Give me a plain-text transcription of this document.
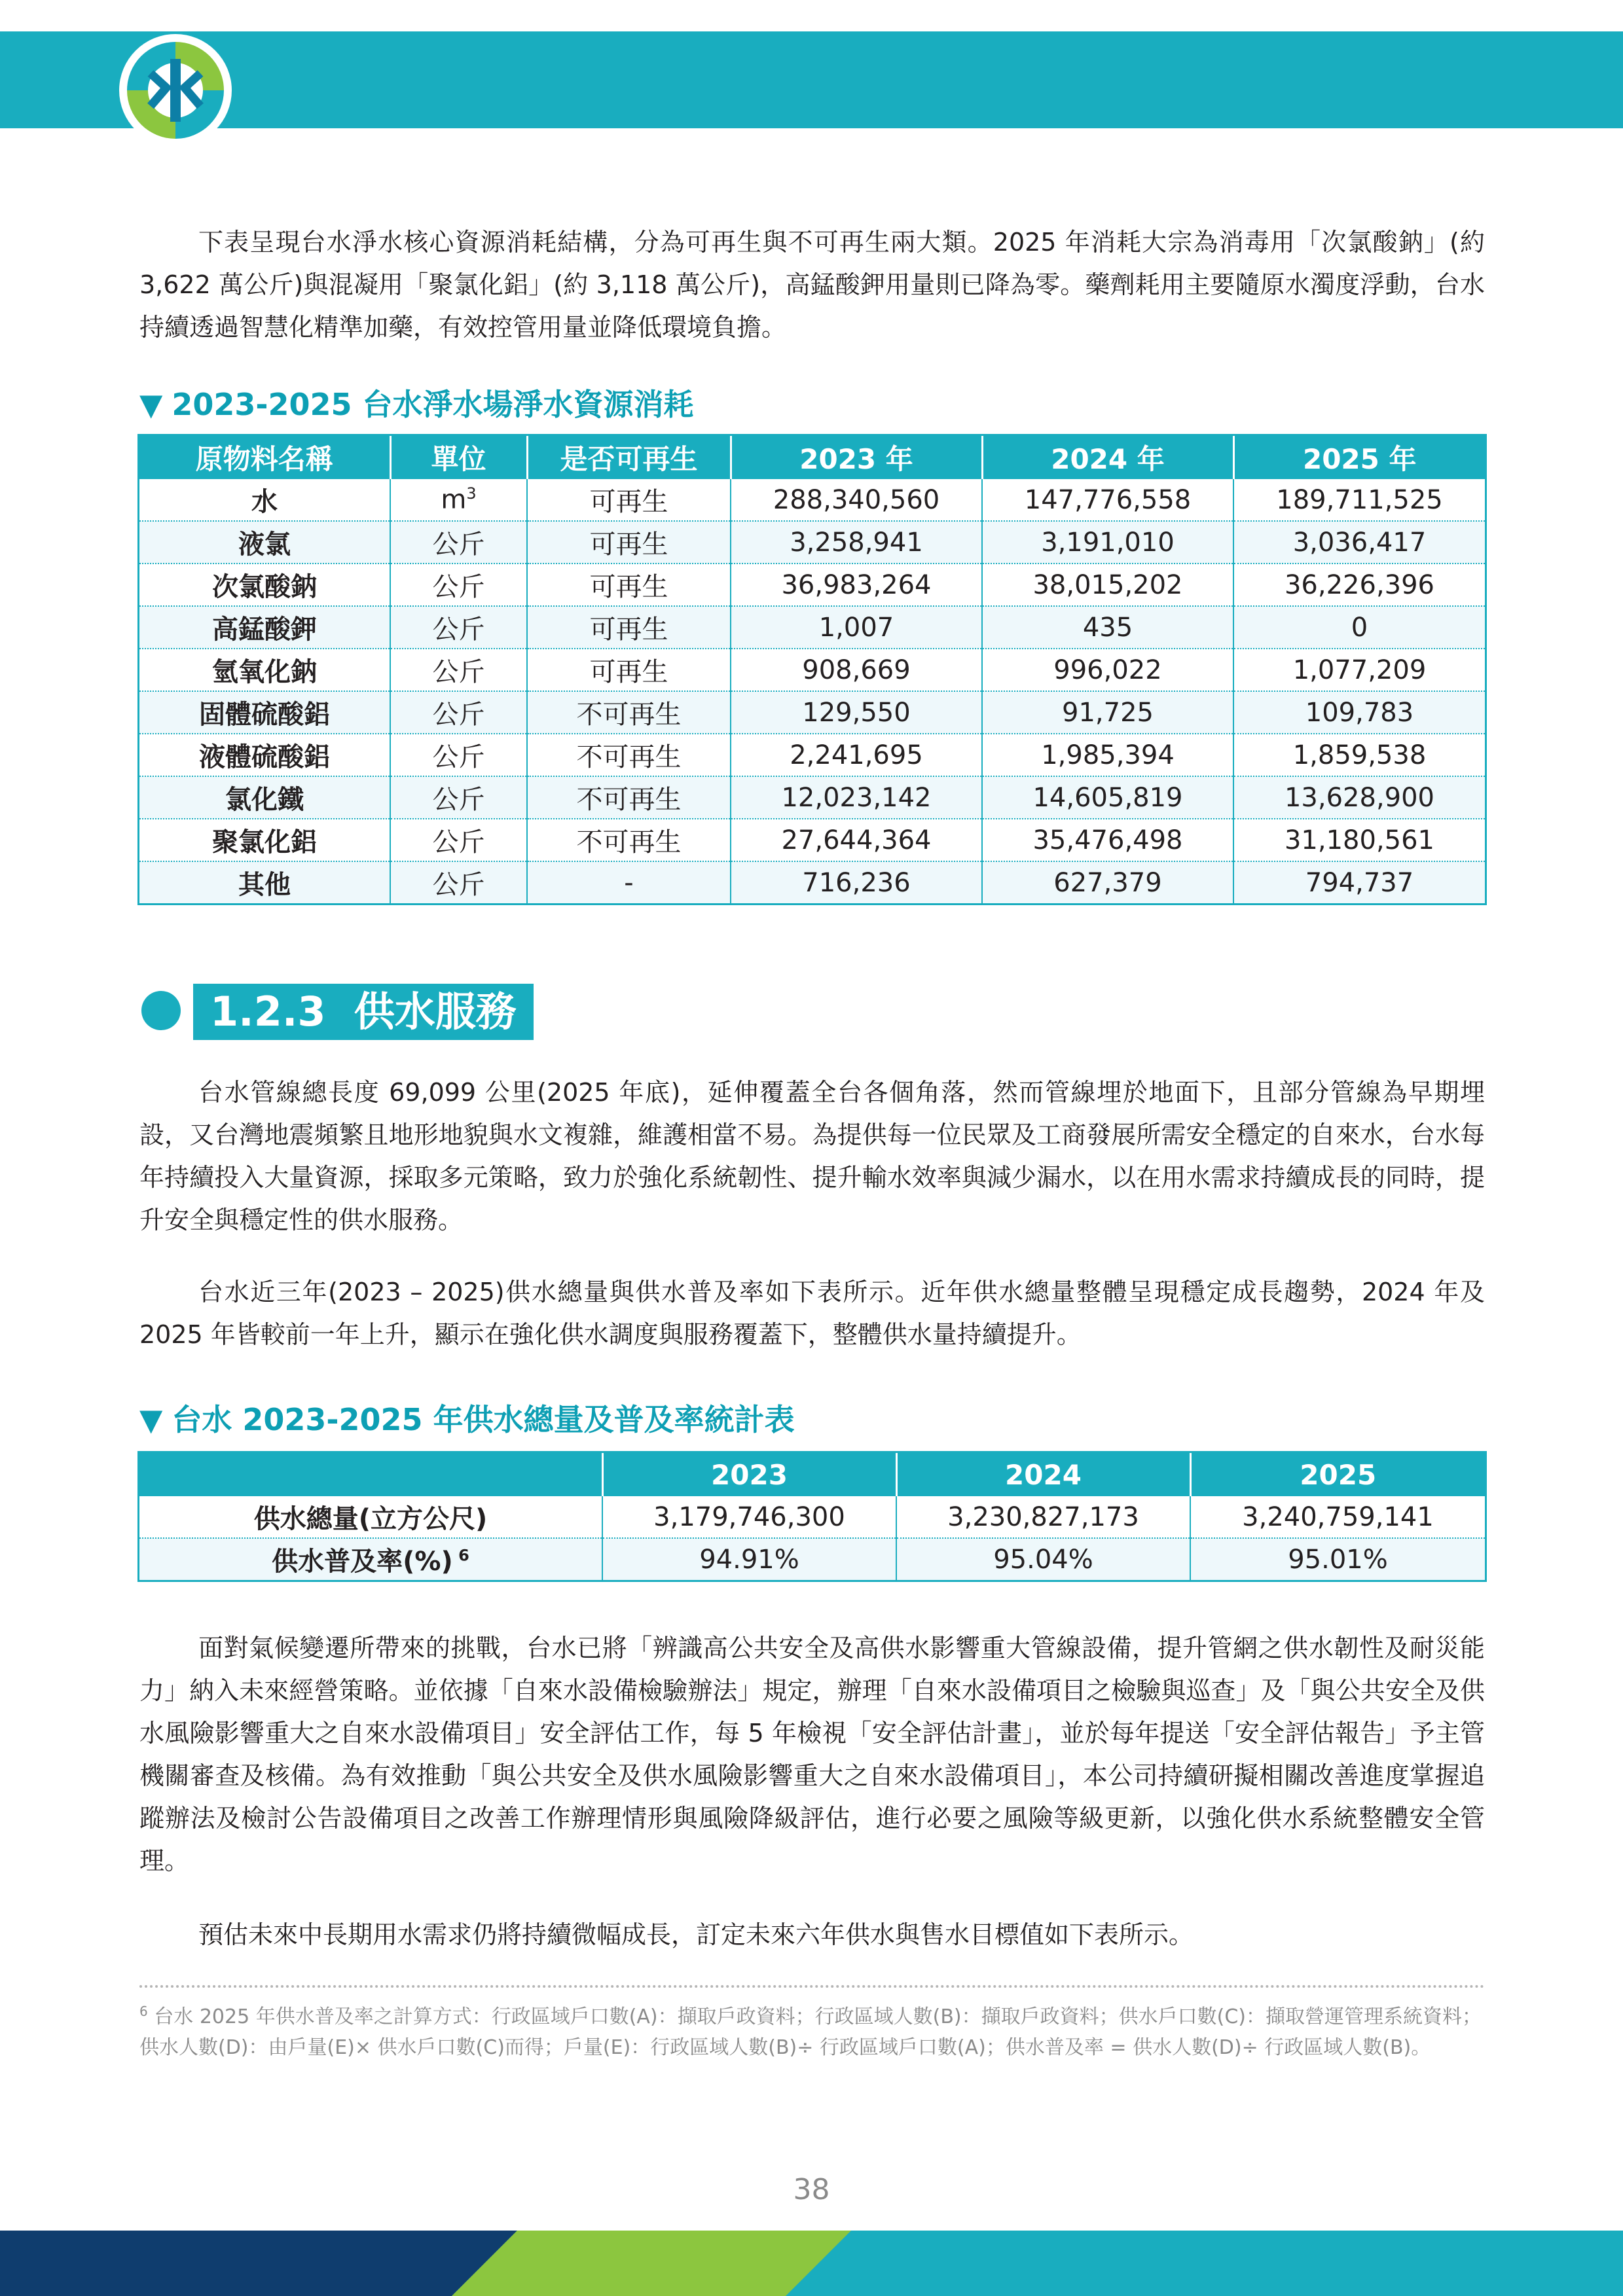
下表呈現台水淨水核心資源消耗結構，分為可再生與不可再生兩大類。2025 年消耗大宗為消毒用「次氯酸鈉」(約 3,622 萬公斤)與混凝用「聚氯化鋁」(約 3,118 萬公斤)，高錳酸鉀用量則已降為零。藥劑耗用主要隨原水濁度浮動，台水持續透過智慧化精準加藥，有效控管用量並降低環境負擔。

▼ 2023-2025 台水淨水場淨水資源消耗
原物料名稱	單位	是否可再生	2023 年	2024 年	2025 年
水	$m^3$	可再生	288,340,560	147,776,558	189,711,525
液氯	公斤	可再生	3,258,941	3,191,010	3,036,417
次氯酸鈉	公斤	可再生	36,983,264	38,015,202	36,226,396
高錳酸鉀	公斤	可再生	1,007	435	0
氫氧化鈉	公斤	可再生	908,669	996,022	1,077,209
固體硫酸鋁	公斤	不可再生	129,550	91,725	109,783
液體硫酸鋁	公斤	不可再生	2,241,695	1,985,394	1,859,538
氯化鐵	公斤	不可再生	12,023,142	14,605,819	13,628,900
聚氯化鋁	公斤	不可再生	27,644,364	35,476,498	31,180,561
其他	公斤	-	716,236	627,379	794,737
1.2.3 供水服務

台水管線總長度 69,099 公里(2025 年底)，延伸覆蓋全台各個角落，然而管線埋於地面下，且部分管線為早期埋設，又台灣地震頻繁且地形地貌與水文複雜，維護相當不易。為提供每一位民眾及工商發展所需安全穩定的自來水，台水每年持續投入大量資源，採取多元策略，致力於強化系統韌性、提升輸水效率與減少漏水，以在用水需求持續成長的同時，提升安全與穩定性的供水服務。

台水近三年(2023 – 2025)供水總量與供水普及率如下表所示。近年供水總量整體呈現穩定成長趨勢，2024 年及 2025 年皆較前一年上升，顯示在強化供水調度與服務覆蓋下，整體供水量持續提升。

▼ 台水 2023-2025 年供水總量及普及率統計表
	2023	2024	2025
供水總量(立方公尺)	3,179,746,300	3,230,827,173	3,240,759,141
供水普及率(%) $^6$	94.91%	95.04%	95.01%

面對氣候變遷所帶來的挑戰，台水已將「辨識高公共安全及高供水影響重大管線設備，提升管網之供水韌性及耐災能力」納入未來經營策略。並依據「自來水設備檢驗辦法」規定，辦理「自來水設備項目之檢驗與巡查」及「與公共安全及供水風險影響重大之自來水設備項目」安全評估工作，每 5 年檢視「安全評估計畫」，並於每年提送「安全評估報告」予主管機關審查及核備。為有效推動「與公共安全及供水風險影響重大之自來水設備項目」，本公司持續研擬相關改善進度掌握追蹤辦法及檢討公告設備項目之改善工作辦理情形與風險降級評估，進行必要之風險等級更新，以強化供水系統整體安全管理。

預估未來中長期用水需求仍將持續微幅成長，訂定未來六年供水與售水目標值如下表所示。

$^6$ 台水 2025 年供水普及率之計算方式：行政區域戶口數(A)：擷取戶政資料；行政區域人數(B)：擷取戶政資料；供水戶口數(C)：擷取營運管理系統資料；供水人數(D)：由戶量(E)× 供水戶口數(C)而得；戶量(E)：行政區域人數(B)÷ 行政區域戶口數(A)；供水普及率 = 供水人數(D)÷ 行政區域人數(B)。

38
